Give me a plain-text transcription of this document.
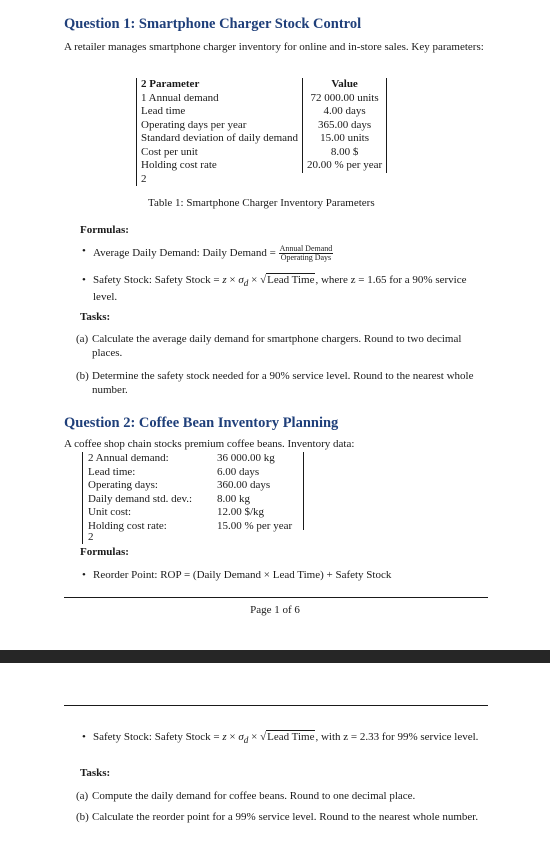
Question 1: Smartphone Charger Stock Control
A retailer manages smartphone charger inventory for online and in-store sales. Key parameters:
2 Parameter	Value
1 Annual demand	72 000.00 units
Lead time	4.00 days
Operating days per year	365.00 days
Standard deviation of daily demand	15.00 units
Cost per unit	8.00 $
Holding cost rate	20.00 % per year
2	
Table 1: Smartphone Charger Inventory Parameters
Formulas:
• Average Daily Demand: Daily Demand = $\frac{\text{Annual Demand}}{\text{Operating Days}}$
• Safety Stock: Safety Stock = $z \times \sigma_d$ × √Lead Time, where z = 1.65 for a 90% service level.
Tasks:
(a) Calculate the average daily demand for smartphone chargers. Round to two decimal places.
(b) Determine the safety stock needed for a 90% service level. Round to the nearest whole number.
Question 2: Coffee Bean Inventory Planning
A coffee shop chain stocks premium coffee beans. Inventory data:
2 Annual demand:	36 000.00 kg
Lead time:	6.00 days
Operating days:	360.00 days
Daily demand std. dev.: 8.00 kg
Unit cost:	12.00 $/kg
Holding cost rate:	15.00 % per year
2
Formulas:
• Reorder Point: ROP = (Daily Demand × Lead Time) + Safety Stock
Page 1 of 6
• Safety Stock: Safety Stock = $z \times \sigma_d$ × √Lead Time, with z = 2.33 for 99% service level.
Tasks:
(a) Compute the daily demand for coffee beans. Round to one decimal place.
(b) Calculate the reorder point for a 99% service level. Round to the nearest whole number.
